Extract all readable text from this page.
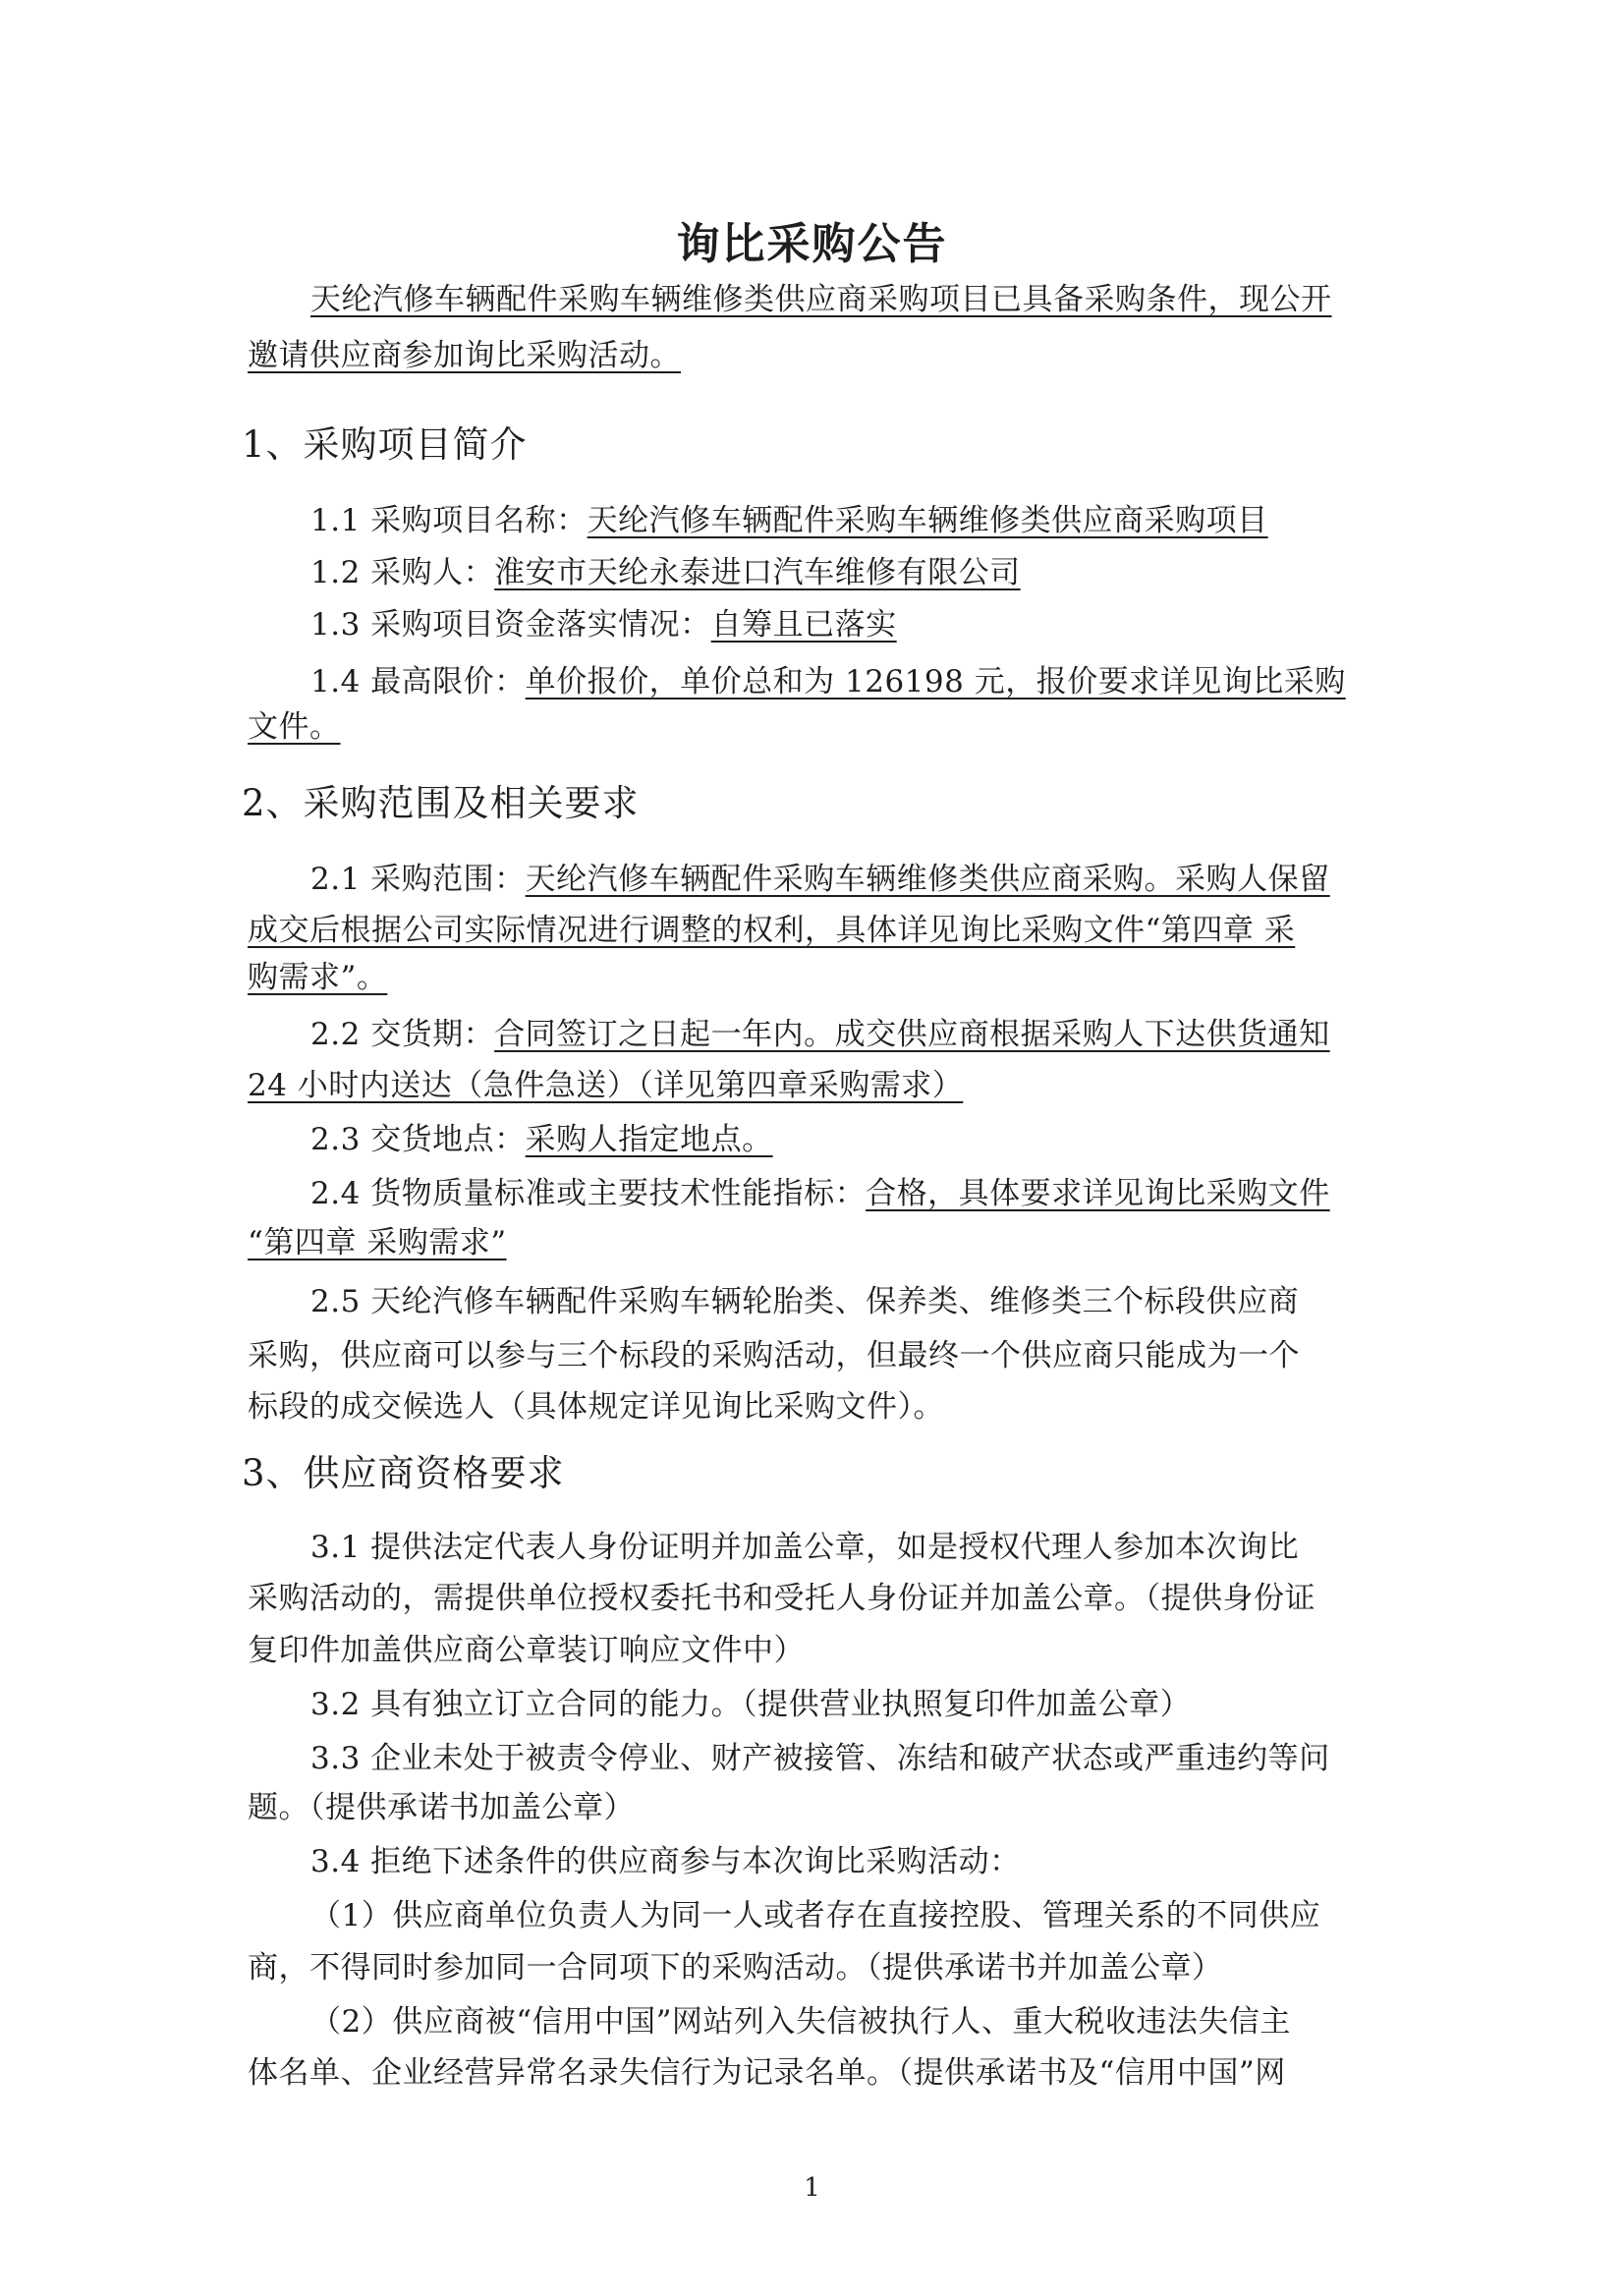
询比采购公告
天纶汽修车辆配件采购车辆维修类供应商采购项目已具备采购条件，现公开
邀请供应商参加询比采购活动。
1、采购项目简介
1.1 采购项目名称：天纶汽修车辆配件采购车辆维修类供应商采购项目
1.2 采购人：淮安市天纶永泰进口汽车维修有限公司
1.3 采购项目资金落实情况：自筹且已落实
1.4 最高限价：单价报价，单价总和为 126198 元，报价要求详见询比采购
文件。
2、采购范围及相关要求
2.1 采购范围：天纶汽修车辆配件采购车辆维修类供应商采购。采购人保留
成交后根据公司实际情况进行调整的权利，具体详见询比采购文件“第四章 采
购需求”。
2.2 交货期：合同签订之日起一年内。成交供应商根据采购人下达供货通知
24 小时内送达（急件急送）（详见第四章采购需求）
2.3 交货地点：采购人指定地点。
2.4 货物质量标准或主要技术性能指标：合格，具体要求详见询比采购文件
“第四章 采购需求”
2.5 天纶汽修车辆配件采购车辆轮胎类、保养类、维修类三个标段供应商
采购，供应商可以参与三个标段的采购活动，但最终一个供应商只能成为一个
标段的成交候选人（具体规定详见询比采购文件）。
3、供应商资格要求
3.1 提供法定代表人身份证明并加盖公章，如是授权代理人参加本次询比
采购活动的，需提供单位授权委托书和受托人身份证并加盖公章。（提供身份证
复印件加盖供应商公章装订响应文件中）
3.2 具有独立订立合同的能力。（提供营业执照复印件加盖公章）
3.3 企业未处于被责令停业、财产被接管、冻结和破产状态或严重违约等问
题。（提供承诺书加盖公章）
3.4 拒绝下述条件的供应商参与本次询比采购活动：
（1）供应商单位负责人为同一人或者存在直接控股、管理关系的不同供应
商，不得同时参加同一合同项下的采购活动。（提供承诺书并加盖公章）
（2）供应商被“信用中国”网站列入失信被执行人、重大税收违法失信主
体名单、企业经营异常名录失信行为记录名单。（提供承诺书及“信用中国”网
1
